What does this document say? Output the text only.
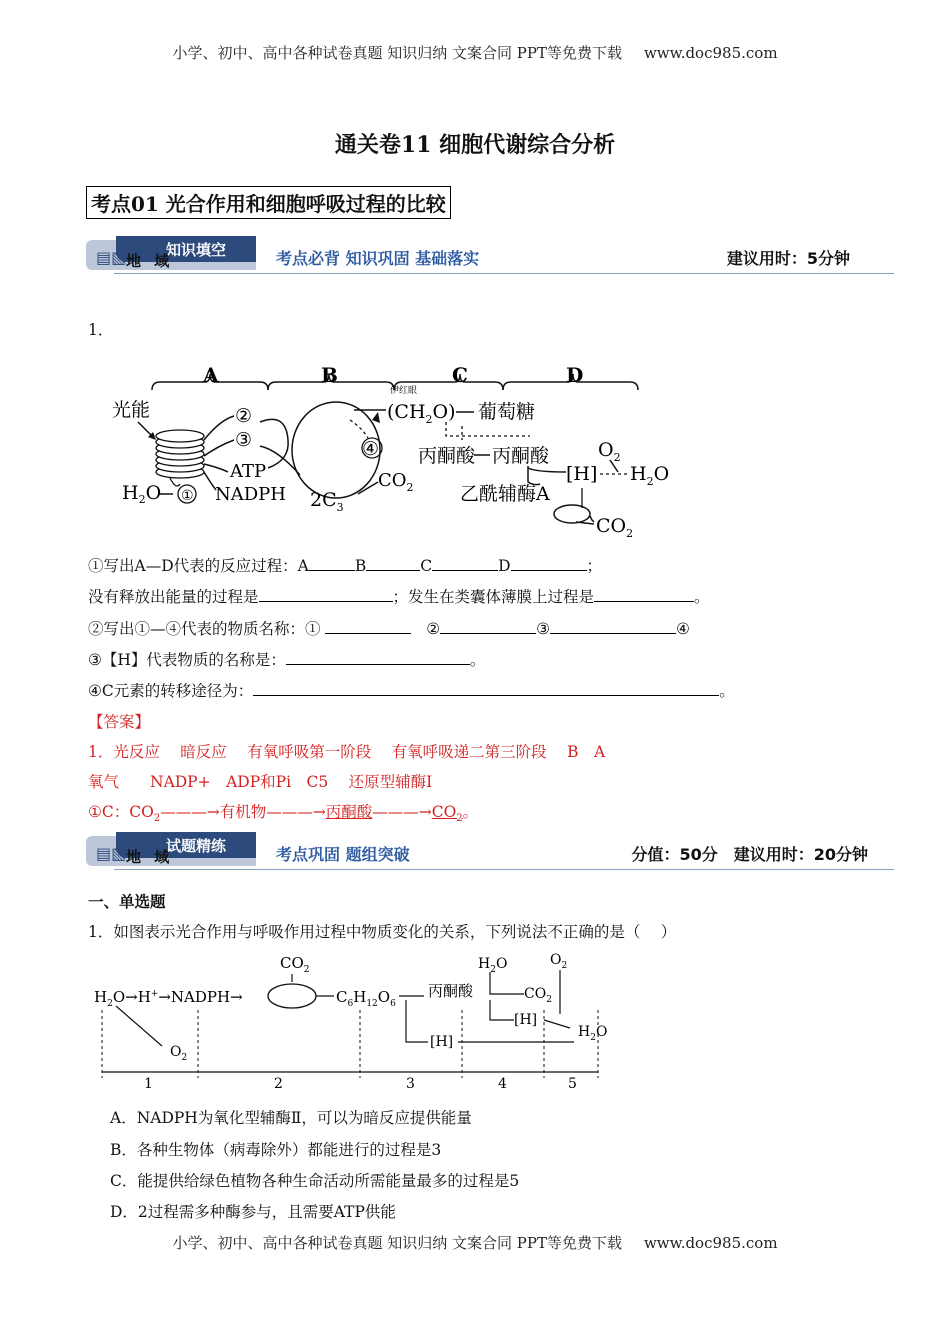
小学、初中、高中各种试卷真题 知识归纳 文案合同 PPT等免费下载 www.doc985.com
通关卷11 细胞代谢综合分析
考点01 光合作用和细胞呼吸过程的比较
知识填空
▤▧ 地 域	考点必背 知识巩固 基础落实	建议用时：5分钟
1．
A	B	C	D
光能
$H_2O$ ①
②
③
ATP
NADPH $2C_3$
④
$CO_2$
伊红眼
$(CH_2O)$ 葡萄糖
丙酮酸 丙酮酸	$O_2$
[H] $H_2O$
乙酰辅酶A
$CO_2$
①写出A—D代表的反应过程：A	B	C	D	；
没有释放出能量的过程是	；发生在类囊体薄膜上过程是	。
②写出①—④代表的物质名称：①	②	③	④
③【H】代表物质的名称是：	。
④C元素的转移途径为：	。
【答案】
1．光反应　 暗反应　 有氧呼吸第一阶段　 有氧呼吸递二第三阶段　 B　A
氧气　　NADP+　ADP和Pi　C5　 还原型辅酶I
①C：$CO_2———\to$有机物———→丙酮酸$———\to CO_2$。
试题精练
▤▧ 地 域	考点巩固 题组突破	分值：50分　建议用时：20分钟
一、单选题
1．如图表示光合作用与呼吸作用过程中物质变化的关系，下列说法不正确的是（　 ）
$H_2O\to H^+\to NADPH\to$
$CO_2$
$C_6H_{12}O_6$
丙酮酸
$O_2$
$H_2O$
$CO_2$
$O_2$
[H]
[H]
$H_2O$
1	2	3	4	5
A．NADPH为氧化型辅酶Ⅱ，可以为暗反应提供能量
B．各种生物体（病毒除外）都能进行的过程是3
C．能提供给绿色植物各种生命活动所需能量最多的过程是5
D．2过程需多种酶参与，且需要ATP供能
小学、初中、高中各种试卷真题 知识归纳 文案合同 PPT等免费下载 www.doc985.com
